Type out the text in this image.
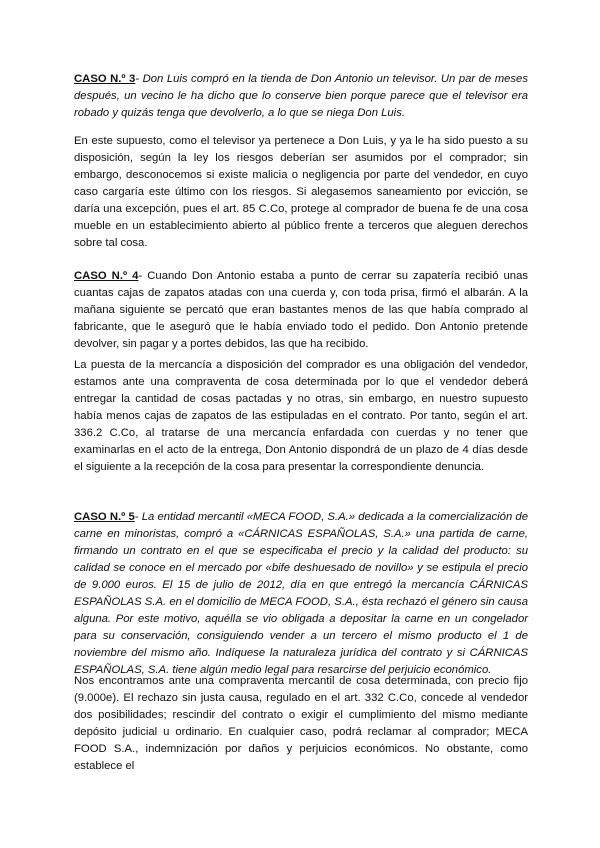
CASO N.º 3- Don Luis compró en la tienda de Don Antonio un televisor. Un par de meses después, un vecino le ha dicho que lo conserve bien porque parece que el televisor era robado y quizás tenga que devolverlo, a lo que se niega Don Luis.

En este supuesto, como el televisor ya pertenece a Don Luis, y ya le ha sido puesto a su disposición, según la ley los riesgos deberían ser asumidos por el comprador; sin embargo, desconocemos si existe malicia o negligencia por parte del vendedor, en cuyo caso cargaría este último con los riesgos. Si alegasemos saneamiento por evicción, se daría una excepción, pues el art. 85 C.Co, protege al comprador de buena fe de una cosa mueble en un establecimiento abierto al público frente a terceros que aleguen derechos sobre tal cosa.

CASO N.º 4- Cuando Don Antonio estaba a punto de cerrar su zapatería recibió unas cuantas cajas de zapatos atadas con una cuerda y, con toda prisa, firmó el albarán. A la mañana siguiente se percató que eran bastantes menos de las que había comprado al fabricante, que le aseguró que le había enviado todo el pedido. Don Antonio pretende devolver, sin pagar y a portes debidos, las que ha recibido.

La puesta de la mercancía a disposición del comprador es una obligación del vendedor, estamos ante una compraventa de cosa determinada por lo que el vendedor deberá entregar la cantidad de cosas pactadas y no otras, sin embargo, en nuestro supuesto había menos cajas de zapatos de las estipuladas en el contrato. Por tanto, según el art. 336.2 C.Co, al tratarse de una mercancía enfardada con cuerdas y no tener que examinarlas en el acto de la entrega, Don Antonio dispondrá de un plazo de 4 días desde el siguiente a la recepción de la cosa para presentar la correspondiente denuncia.

CASO N.º 5- La entidad mercantil «MECA FOOD, S.A.» dedicada a la comercialización de carne en minoristas, compró a «CÁRNICAS ESPAÑOLAS, S.A.» una partida de carne, firmando un contrato en el que se especificaba el precio y la calidad del producto: su calidad se conoce en el mercado por «bife deshuesado de novillo» y se estipula el precio de 9.000 euros. El 15 de julio de 2012, día en que entregó la mercancía CÁRNICAS ESPAÑOLAS S.A. en el domicilio de MECA FOOD, S.A., ésta rechazó el género sin causa alguna. Por este motivo, aquélla se vio obligada a depositar la carne en un congelador para su conservación, consiguiendo vender a un tercero el mismo producto el 1 de noviembre del mismo año. Indíquese la naturaleza jurídica del contrato y si CÁRNICAS ESPAÑOLAS, S.A. tiene algún medio legal para resarcirse del perjuicio económico.

Nos encontramos ante una compraventa mercantil de cosa determinada, con precio fijo (9.000e). El rechazo sin justa causa, regulado en el art. 332 C.Co, concede al vendedor dos posibilidades; rescindir del contrato o exigir el cumplimiento del mismo mediante depósito judicial u ordinario. En cualquier caso, podrá reclamar al comprador; MECA FOOD S.A., indemnización por daños y perjuicios económicos. No obstante, como establece el
